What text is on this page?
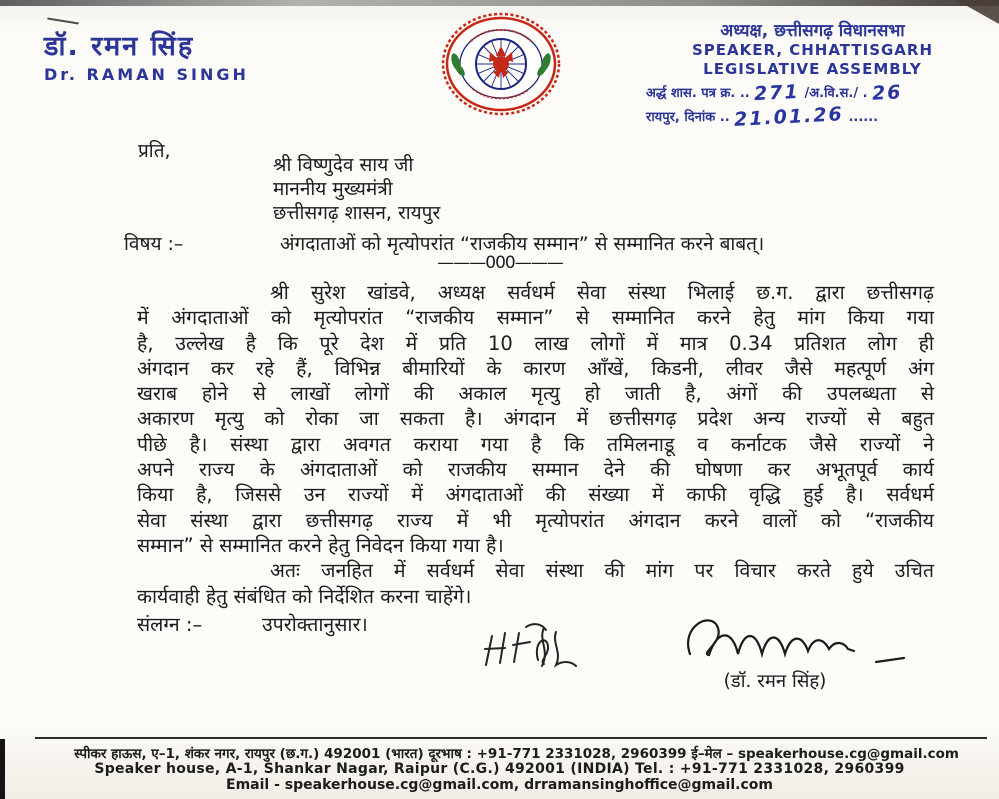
डॉ. रमन सिंह
Dr. RAMAN SINGH
अध्यक्ष, छत्तीसगढ़ विधानसभा
SPEAKER, CHHATTISGARH
LEGISLATIVE ASSEMBLY
अर्द्ध शास. पत्र क्र. .. 271 /अ.वि.स./ . 26
रायपुर, दिनांक .. 21.01.26 ......
प्रति,
श्री विष्णुदेव साय जी
माननीय मुख्यमंत्री
छत्तीसगढ़ शासन, रायपुर
विषय :–	अंगदाताओं को मृत्योपरांत “राजकीय सम्मान” से सम्मानित करने बाबत्।
———000———
श्री सुरेश खांडवे, अध्यक्ष सर्वधर्म सेवा संस्था भिलाई छ.ग. द्वारा छत्तीसगढ़
में अंगदाताओं को मृत्योपरांत “राजकीय सम्मान” से सम्मानित करने हेतु मांग किया गया
है, उल्लेख है कि पूरे देश में प्रति 10 लाख लोगों में मात्र 0.34 प्रतिशत लोग ही
अंगदान कर रहे हैं, विभिन्न बीमारियों के कारण आँखें, किडनी, लीवर जैसे महत्पूर्ण अंग
खराब होने से लाखों लोगों की अकाल मृत्यु हो जाती है, अंगों की उपलब्धता से
अकारण मृत्यु को रोका जा सकता है। अंगदान में छत्तीसगढ़ प्रदेश अन्य राज्यों से बहुत
पीछे है। संस्था द्वारा अवगत कराया गया है कि तमिलनाडू व कर्नाटक जैसे राज्यों ने
अपने राज्य के अंगदाताओं को राजकीय सम्मान देने की घोषणा कर अभूतपूर्व कार्य
किया है, जिससे उन राज्यों में अंगदाताओं की संख्या में काफी वृद्धि हुई है। सर्वधर्म
सेवा संस्था द्वारा छत्तीसगढ़ राज्य में भी मृत्योपरांत अंगदान करने वालों को “राजकीय
सम्मान” से सम्मानित करने हेतु निवेदन किया गया है।
अतः जनहित में सर्वधर्म सेवा संस्था की मांग पर विचार करते हुये उचित
कार्यवाही हेतु संबंधित को निर्देशित करना चाहेंगे।
संलग्न :–	उपरोक्तानुसार।
(डॉ. रमन सिंह)
स्पीकर हाऊस, ए–1, शंकर नगर, रायपुर (छ.ग.) 492001 (भारत) दूरभाष : +91-771 2331028, 2960399 ई–मेल – speakerhouse.cg@gmail.com
Speaker house, A-1, Shankar Nagar, Raipur (C.G.) 492001 (INDIA) Tel. : +91-771 2331028, 2960399
Email - speakerhouse.cg@gmail.com, drramansinghoffice@gmail.com
